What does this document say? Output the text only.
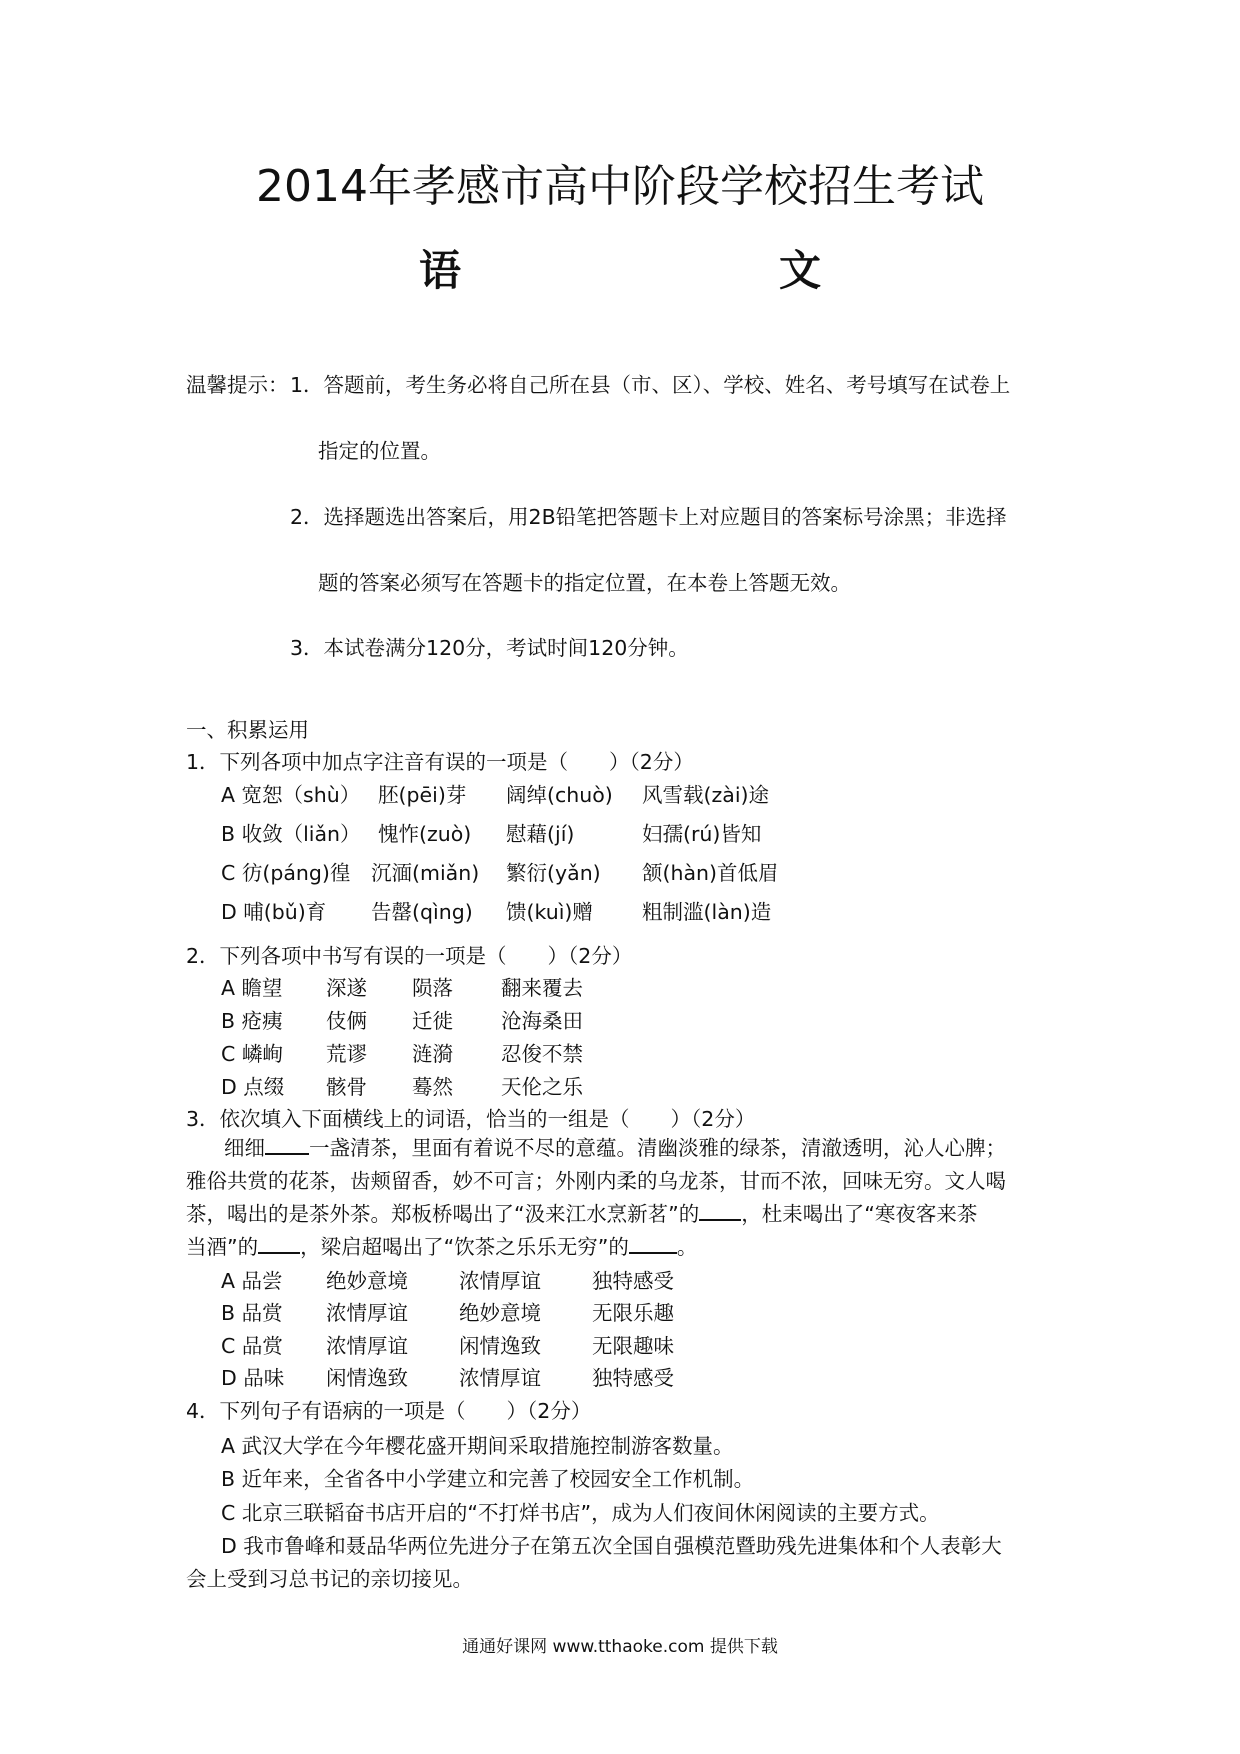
2014年孝感市高中阶段学校招生考试
语　　文
温馨提示： 1．答题前，考生务必将自己所在县（市、区）、学校、姓名、考号填写在试卷上
指定的位置。
2．选择题选出答案后，用2B铅笔把答题卡上对应题目的答案标号涂黑；非选择
题的答案必须写在答题卡的指定位置，在本卷上答题无效。
3．本试卷满分120分，考试时间120分钟。
一、积累运用
1．下列各项中加点字注音有误的一项是（　　）（2分）
A 宽恕（shù） 胚(pēi)芽 阔绰(chuò) 风雪载(zài)途
B 收敛（liǎn） 愧怍(zuò) 慰藉(jí)	妇孺(rú)皆知
C 彷(páng)徨 沉湎(miǎn) 繁衍(yǎn) 颔(hàn)首低眉
D 哺(bǔ)育 告罄(qìng) 馈(kuì)赠 粗制滥(làn)造
2．下列各项中书写有误的一项是（　　）（2分）
A 瞻望 深遂 陨落 翻来覆去
B 疮痍 伎俩 迁徙 沧海桑田
C 嶙峋 荒谬 涟漪 忍俊不禁
D 点缀 骸骨 蓦然 天伦之乐
3．依次填入下面横线上的词语，恰当的一组是（　　）（2分）
细细 一盏清茶，里面有着说不尽的意蕴。清幽淡雅的绿茶，清澈透明，沁人心脾；
雅俗共赏的花茶，齿颊留香，妙不可言；外刚内柔的乌龙茶，甘而不浓，回味无穷。文人喝
茶，喝出的是茶外茶。郑板桥喝出了“汲来江水烹新茗”的 ，杜耒喝出了“寒夜客来茶
当酒”的 ，梁启超喝出了“饮茶之乐乐无穷”的 。
A 品尝 绝妙意境 浓情厚谊 独特感受
B 品赏 浓情厚谊 绝妙意境 无限乐趣
C 品赏 浓情厚谊 闲情逸致 无限趣味
D 品味 闲情逸致 浓情厚谊 独特感受
4．下列句子有语病的一项是（　　）（2分）
A 武汉大学在今年樱花盛开期间采取措施控制游客数量。
B 近年来，全省各中小学建立和完善了校园安全工作机制。
C 北京三联韬奋书店开启的“不打烊书店”，成为人们夜间休闲阅读的主要方式。
D 我市鲁峰和聂品华两位先进分子在第五次全国自强模范暨助残先进集体和个人表彰大
会上受到习总书记的亲切接见。
通通好课网 www.tthaoke.com 提供下载
